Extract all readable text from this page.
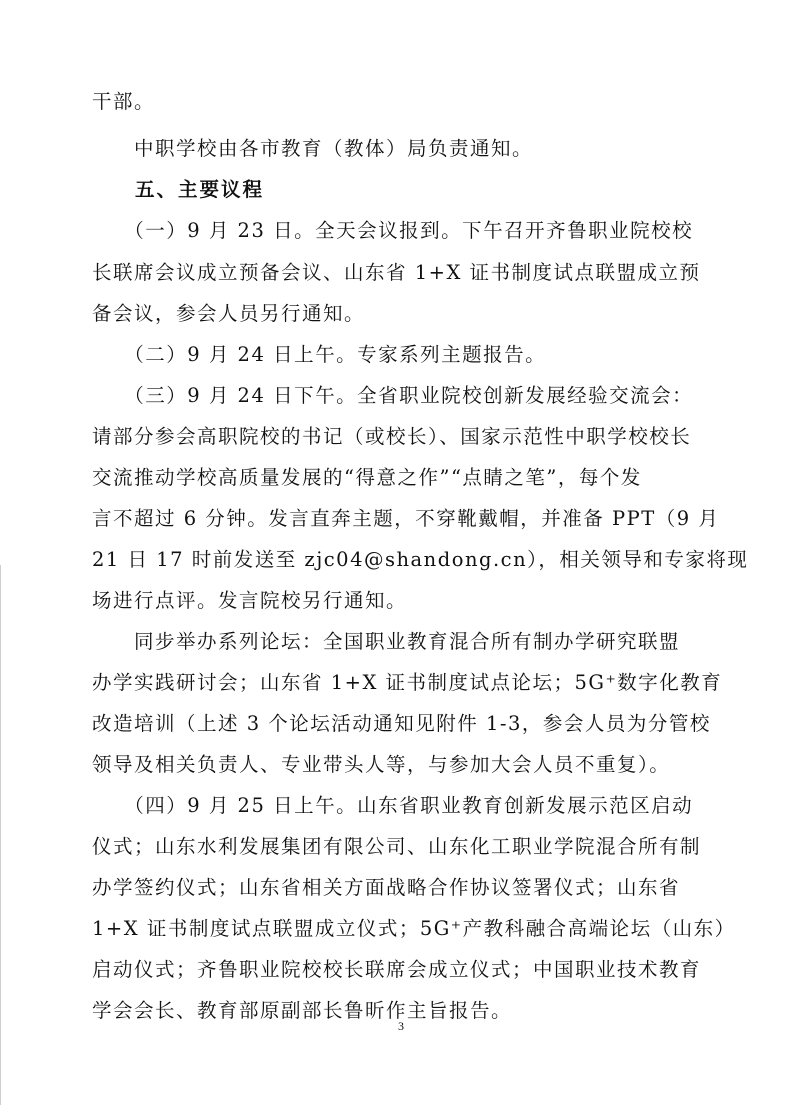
干部。
　　中职学校由各市教育（教体）局负责通知。
　　五、主要议程
　　（一）9 月 23 日。全天会议报到。下午召开齐鲁职业院校校
长联席会议成立预备会议、山东省 1+X 证书制度试点联盟成立预
备会议，参会人员另行通知。
　　（二）9 月 24 日上午。专家系列主题报告。
　　（三）9 月 24 日下午。全省职业院校创新发展经验交流会：
请部分参会高职院校的书记（或校长）、国家示范性中职学校校长
交流推动学校高质量发展的“得意之作”“点睛之笔”，每个发
言不超过 6 分钟。发言直奔主题，不穿靴戴帽，并准备 PPT（9 月
21 日 17 时前发送至 zjc04@shandong.cn），相关领导和专家将现
场进行点评。发言院校另行通知。
　　同步举办系列论坛：全国职业教育混合所有制办学研究联盟
办学实践研讨会；山东省 1+X 证书制度试点论坛；5G⁺数字化教育
改造培训（上述 3 个论坛活动通知见附件 1-3，参会人员为分管校
领导及相关负责人、专业带头人等，与参加大会人员不重复）。
　　（四）9 月 25 日上午。山东省职业教育创新发展示范区启动
仪式；山东水利发展集团有限公司、山东化工职业学院混合所有制
办学签约仪式；山东省相关方面战略合作协议签署仪式；山东省
1+X 证书制度试点联盟成立仪式；5G⁺产教科融合高端论坛（山东）
启动仪式；齐鲁职业院校校长联席会成立仪式；中国职业技术教育
学会会长、教育部原副部长鲁昕作主旨报告。
3
